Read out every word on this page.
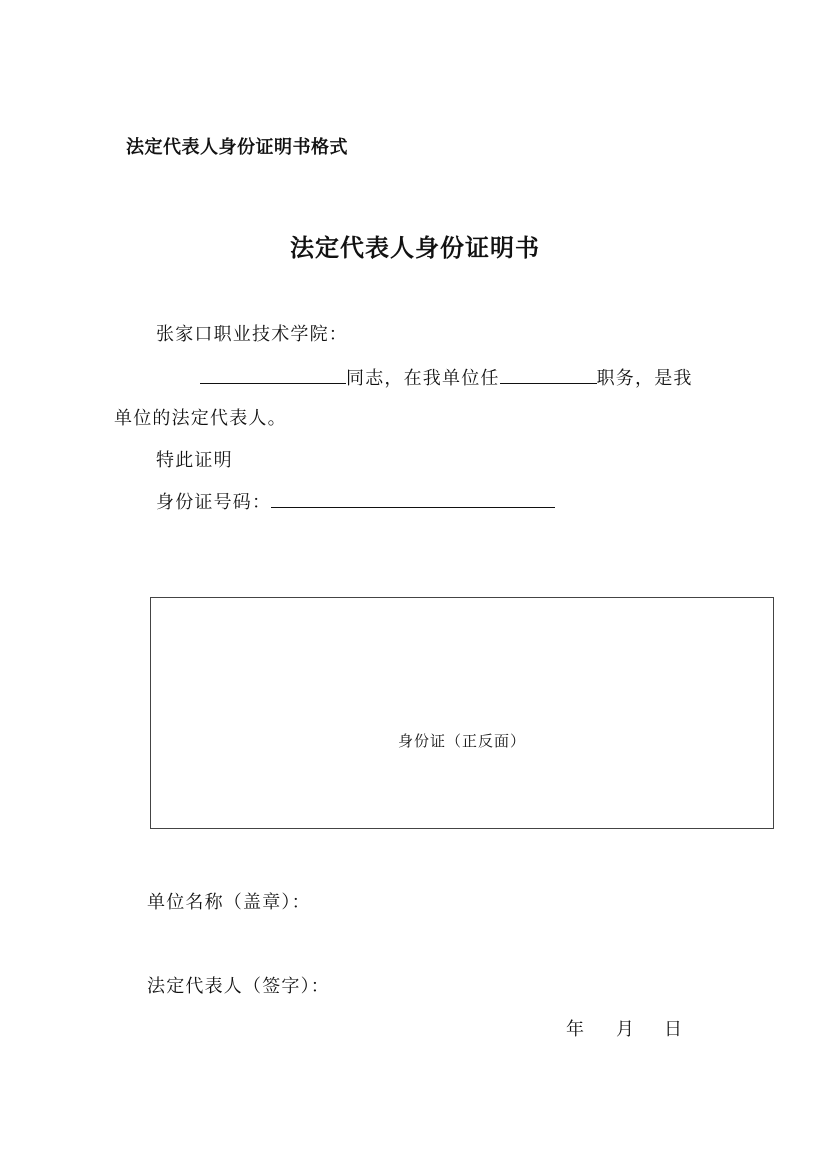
法定代表人身份证明书格式
法定代表人身份证明书
张家口职业技术学院：
同志，在我单位任	职务，是我
单位的法定代表人。
特此证明
身份证号码：
身份证（正反面）
单位名称（盖章）：
法定代表人（签字）：
年 月 日
